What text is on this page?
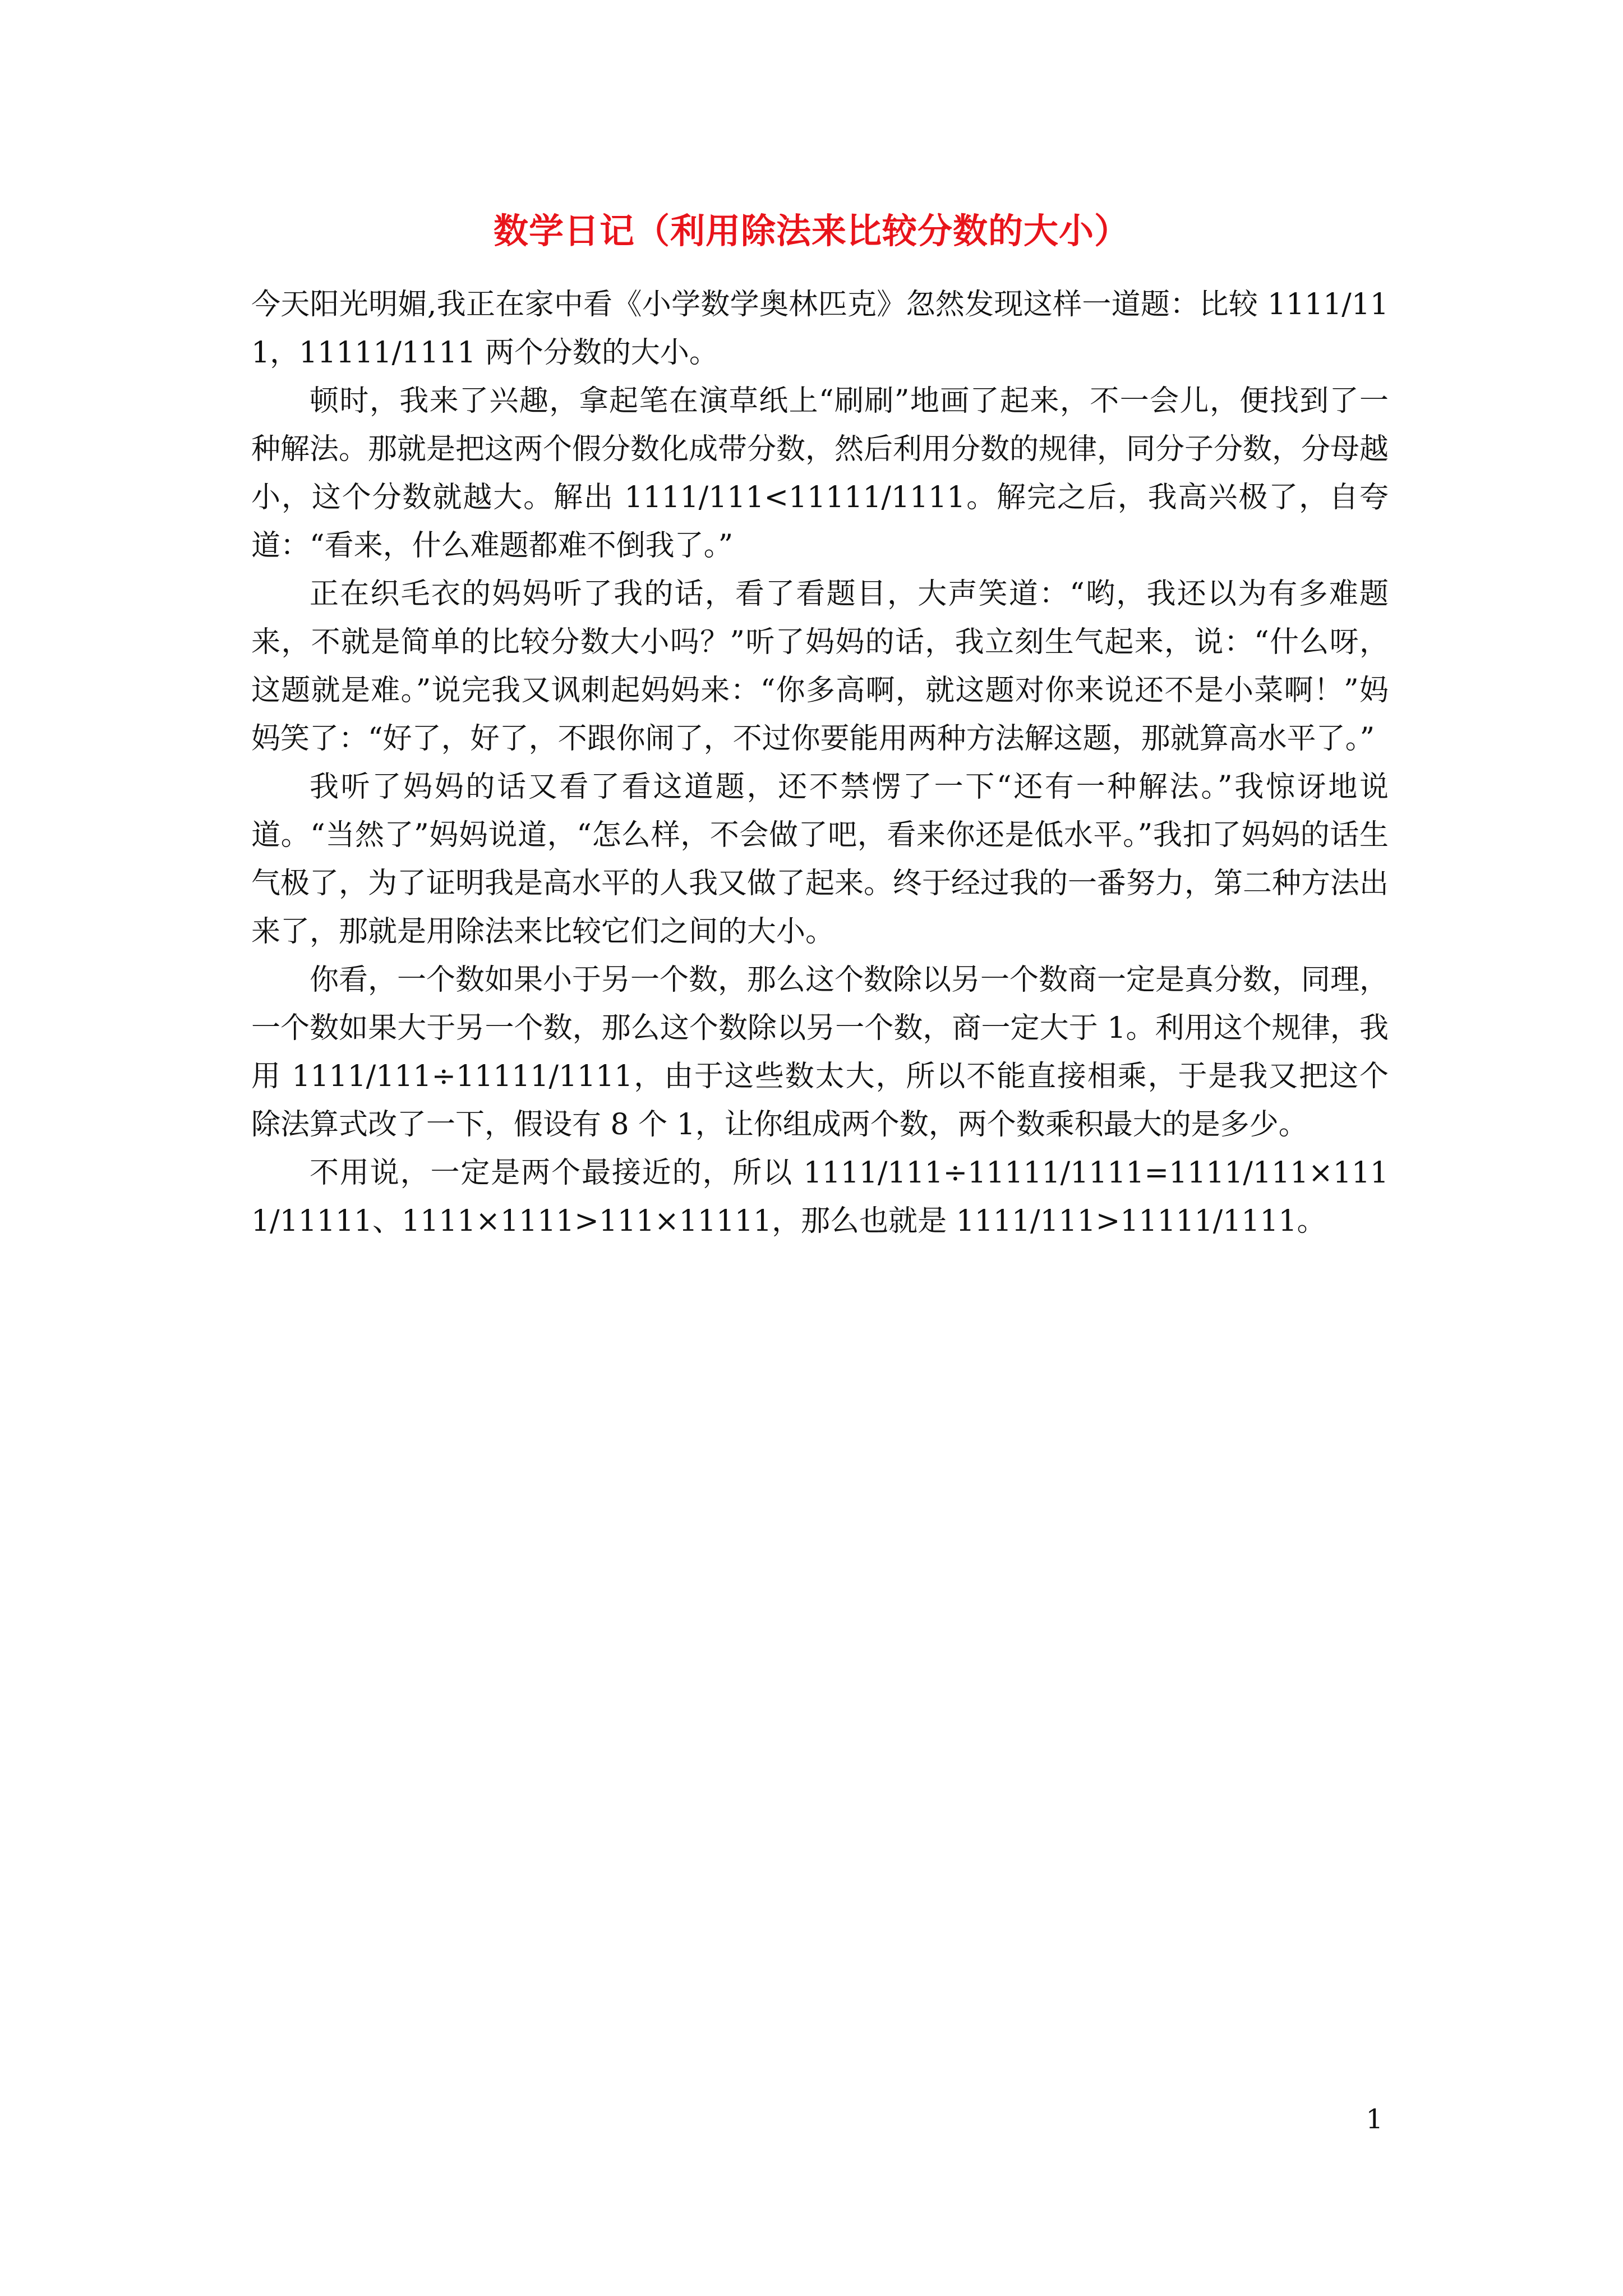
数学日记（利用除法来比较分数的大小）

今天阳光明媚,我正在家中看《小学数学奥林匹克》忽然发现这样一道题：比较 1111/111，11111/1111 两个分数的大小。

顿时，我来了兴趣，拿起笔在演草纸上“刷刷”地画了起来，不一会儿，便找到了一种解法。那就是把这两个假分数化成带分数，然后利用分数的规律，同分子分数，分母越小，这个分数就越大。解出 1111/111<11111/1111。解完之后，我高兴极了，自夸道：“看来，什么难题都难不倒我了。”

正在织毛衣的妈妈听了我的话，看了看题目，大声笑道：“哟，我还以为有多难题来，不就是简单的比较分数大小吗？”听了妈妈的话，我立刻生气起来，说：“什么呀，这题就是难。”说完我又讽刺起妈妈来：“你多高啊，就这题对你来说还不是小菜啊！”妈妈笑了：“好了，好了，不跟你闹了，不过你要能用两种方法解这题，那就算高水平了。”

我听了妈妈的话又看了看这道题，还不禁愣了一下“还有一种解法。”我惊讶地说道。“当然了”妈妈说道，“怎么样，不会做了吧，看来你还是低水平。”我扣了妈妈的话生气极了，为了证明我是高水平的人我又做了起来。终于经过我的一番努力，第二种方法出来了，那就是用除法来比较它们之间的大小。

你看，一个数如果小于另一个数，那么这个数除以另一个数商一定是真分数，同理，一个数如果大于另一个数，那么这个数除以另一个数，商一定大于 1。利用这个规律，我用 1111/111÷11111/1111，由于这些数太大，所以不能直接相乘，于是我又把这个除法算式改了一下，假设有 8 个 1，让你组成两个数，两个数乘积最大的是多少。

不用说，一定是两个最接近的，所以 1111/111÷11111/1111=1111/111×1111/11111、1111×1111>111×11111，那么也就是 1111/111>11111/1111。

1
